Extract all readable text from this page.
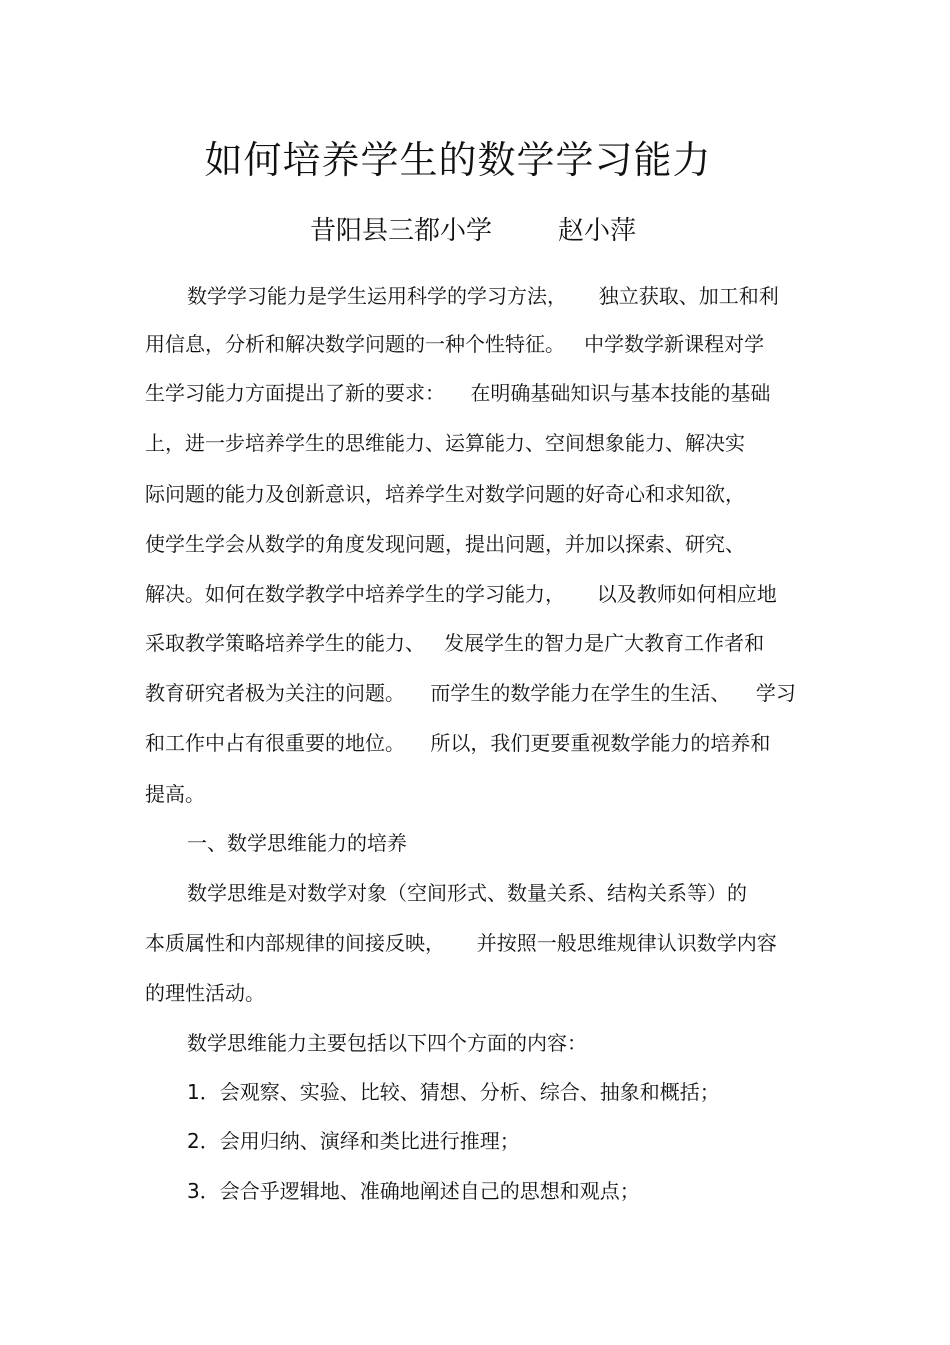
如何培养学生的数学学习能力
昔阳县三都小学        赵小萍
数学学习能力是学生运用科学的学习方法，     独立获取、加工和利
用信息，分析和解决数学问题的一种个性特征。   中学数学新课程对学
生学习能力方面提出了新的要求：    在明确基础知识与基本技能的基础
上，进一步培养学生的思维能力、运算能力、空间想象能力、解决实
际问题的能力及创新意识，培养学生对数学问题的好奇心和求知欲，
使学生学会从数学的角度发现问题，提出问题，并加以探索、研究、
解决。如何在数学教学中培养学生的学习能力，     以及教师如何相应地
采取教学策略培养学生的能力、   发展学生的智力是广大教育工作者和
教育研究者极为关注的问题。    而学生的数学能力在学生的生活、    学习
和工作中占有很重要的地位。    所以，我们更要重视数学能力的培养和
提高。
一、数学思维能力的培养
数学思维是对数学对象（空间形式、数量关系、结构关系等）的
本质属性和内部规律的间接反映，     并按照一般思维规律认识数学内容
的理性活动。
数学思维能力主要包括以下四个方面的内容：
1．会观察、实验、比较、猜想、分析、综合、抽象和概括；
2．会用归纳、演绎和类比进行推理；
3．会合乎逻辑地、准确地阐述自己的思想和观点；
